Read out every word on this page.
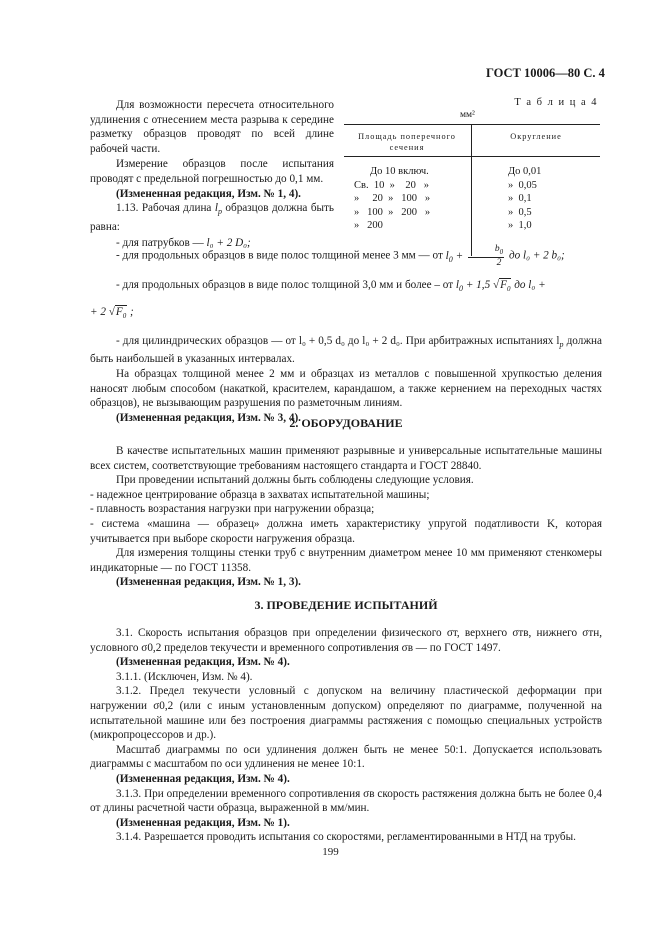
ГОСТ 10006—80 С. 4

Для возможности пересчета относительного удлинения с отнесением места разрыва к середине разметку образцов проводят по всей длине рабочей части.

Измерение образцов после испытания проводят с предельной погрешностью до 0,1 мм.

(Измененная редакция, Изм. № 1, 4).

1.13. Рабочая длина $l_p$ образцов должна быть равна:

- для патрубков — l₀ + 2 D₀;

Т а б л и ц а 4
мм²
Площадь поперечного сечения
Округление
До 10 включ.
Св.  10  »    20   »
»     20  »   100   »
»   100  »   200   »
»   200
До 0,01
»  0,05
»  0,1
»  0,5
»  1,0

- для продольных образцов в виде полос толщиной менее 3 мм — от $l_0 + \frac{b_0}{2}$ до l₀ + 2 b₀;

- для продольных образцов в виде полос толщиной 3,0 мм и более – от $l_0 + 1,5$ $√F_0$ до l₀ +

+ 2 $√F_0$ ;

- для цилиндрических образцов — от l₀ + 0,5 d₀ до l₀ + 2 d₀. При арбитражных испытаниях $l_p$ должна быть наибольшей в указанных интервалах.

На образцах толщиной менее 2 мм и образцах из металлов с повышенной хрупкостью деления наносят любым способом (накаткой, красителем, карандашом, а также кернением на переходных частях образцов), не вызывающим разрушения по разметочным линиям.

(Измененная редакция, Изм. № 3, 4).

2. ОБОРУДОВАНИЕ

В качестве испытательных машин применяют разрывные и универсальные испытательные машины всех систем, соответствующие требованиям настоящего стандарта и ГОСТ 28840.

При проведении испытаний должны быть соблюдены следующие условия.

- надежное центрирование образца в захватах испытательной машины;

- плавность возрастания нагрузки при нагружении образца;

- система «машина — образец» должна иметь характеристику упругой податливости K, которая учитывается при выборе скорости нагружения образца.

Для измерения толщины стенки труб с внутренним диаметром менее 10 мм применяют стенкомеры индикаторные — по ГОСТ 11358.

(Измененная редакция, Изм. № 1, 3).

3. ПРОВЕДЕНИЕ ИСПЫТАНИЙ

3.1. Скорость испытания образцов при определении физического σт, верхнего σтв, нижнего σтн, условного σ0,2 пределов текучести и временного сопротивления σв — по ГОСТ 1497.

(Измененная редакция, Изм. № 4).

3.1.1. (Исключен, Изм. № 4).

3.1.2. Предел текучести условный с допуском на величину пластической деформации при нагружении σ0,2 (или с иным установленным допуском) определяют по диаграмме, полученной на испытательной машине или без построения диаграммы растяжения с помощью специальных устройств (микропроцессоров и др.).

Масштаб диаграммы по оси удлинения должен быть не менее 50:1. Допускается использовать диаграммы с масштабом по оси удлинения не менее 10:1.

(Измененная редакция, Изм. № 4).

3.1.3. При определении временного сопротивления σв скорость растяжения должна быть не более 0,4 от длины расчетной части образца, выраженной в мм/мин.

(Измененная редакция, Изм. № 1).

3.1.4. Разрешается проводить испытания со скоростями, регламентированными в НТД на трубы.

199
